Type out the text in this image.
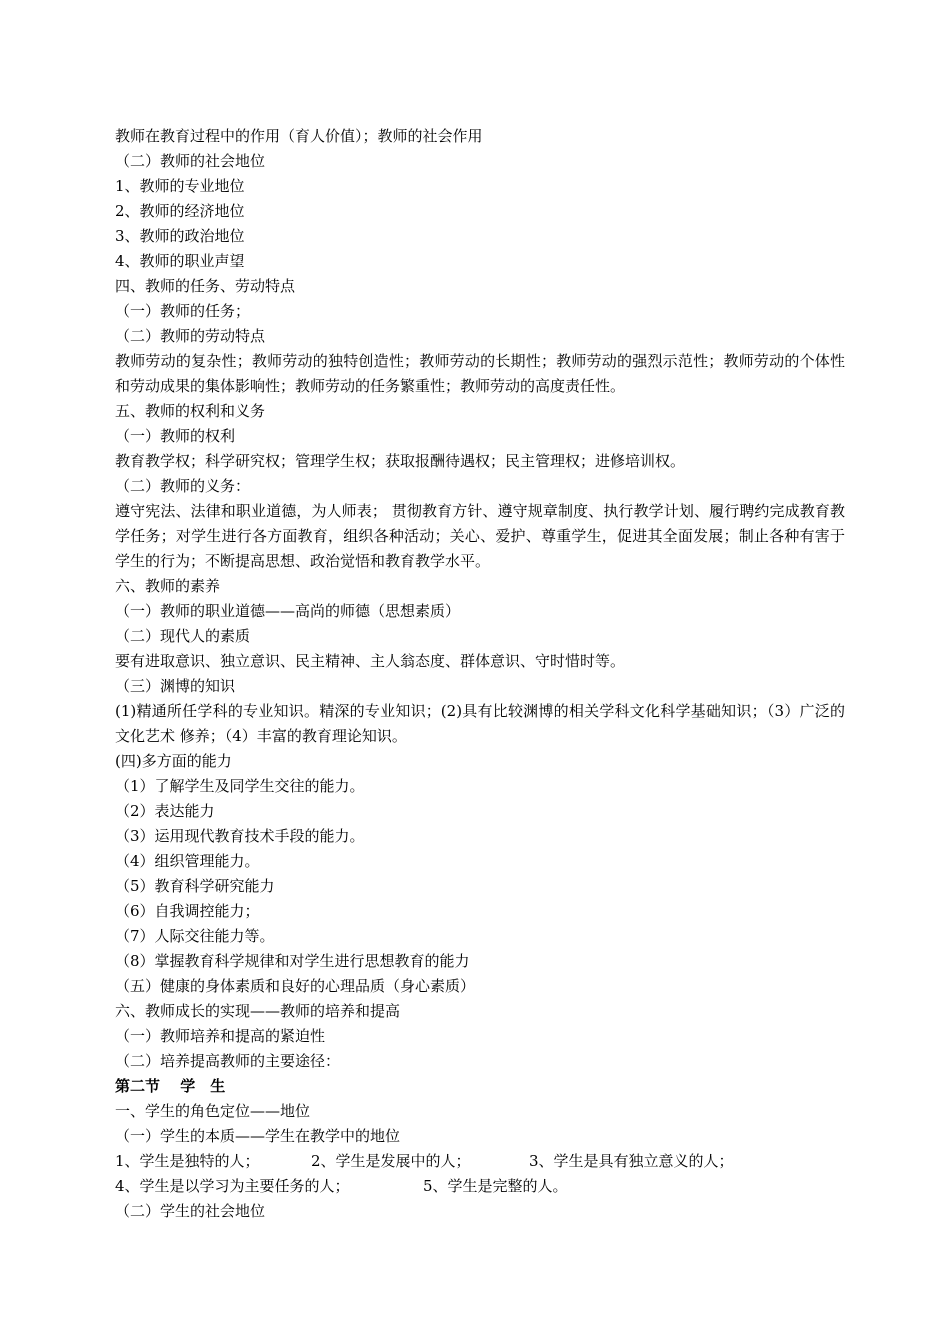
教师在教育过程中的作用（育人价值）；教师的社会作用
（二）教师的社会地位
1、教师的专业地位
2、教师的经济地位
3、教师的政治地位
4、教师的职业声望
四、教师的任务、劳动特点
（一）教师的任务；
（二）教师的劳动特点
教师劳动的复杂性；教师劳动的独特创造性；教师劳动的长期性；教师劳动的强烈示范性；教师劳动的个体性和劳动成果的集体影响性；教师劳动的任务繁重性；教师劳动的高度责任性。
五、教师的权利和义务
（一）教师的权利
教育教学权；科学研究权；管理学生权；获取报酬待遇权；民主管理权；进修培训权。
（二）教师的义务：
遵守宪法、法律和职业道德，为人师表； 贯彻教育方针、遵守规章制度、执行教学计划、履行聘约完成教育教学任务；对学生进行各方面教育，组织各种活动；关心、爱护、尊重学生，促进其全面发展；制止各种有害于学生的行为；不断提高思想、政治觉悟和教育教学水平。
六、教师的素养
（一）教师的职业道德——高尚的师德（思想素质）
（二）现代人的素质
要有进取意识、独立意识、民主精神、主人翁态度、群体意识、守时惜时等。
（三）渊博的知识
(1)精通所任学科的专业知识。精深的专业知识；(2)具有比较渊博的相关学科文化科学基础知识；（3）广泛的文化艺术 修养；（4）丰富的教育理论知识。
(四)多方面的能力
（1）了解学生及同学生交往的能力。
（2）表达能力
（3）运用现代教育技术手段的能力。
（4）组织管理能力。
（5）教育科学研究能力
（6）自我调控能力；
（7）人际交往能力等。
（8）掌握教育科学规律和对学生进行思想教育的能力
（五）健康的身体素质和良好的心理品质（身心素质）
六、教师成长的实现——教师的培养和提高
（一）教师培养和提高的紧迫性
（二）培养提高教师的主要途径：
第二节　 学　生
一、学生的角色定位——地位
（一）学生的本质——学生在教学中的地位
1、学生是独特的人；	2、学生是发展中的人；	3、学生是具有独立意义的人；
4、学生是以学习为主要任务的人；	5、学生是完整的人。
（二）学生的社会地位
